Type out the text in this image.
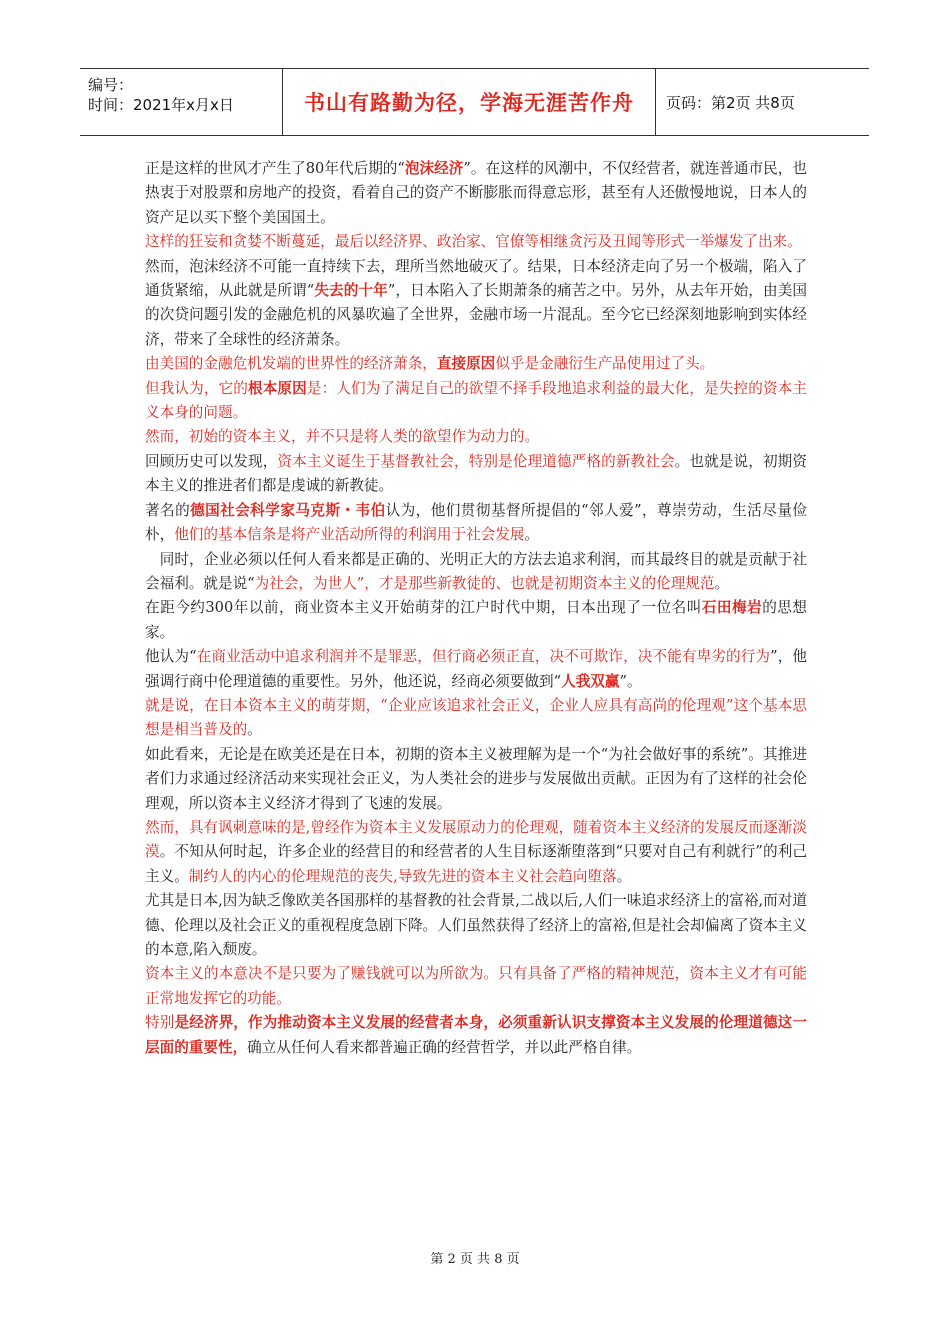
编号：
时间：2021年x月x日	书山有路勤为径，学海无涯苦作舟	页码：第2页 共8页

正是这样的世风才产生了80年代后期的“泡沫经济”。在这样的风潮中，不仅经营者，就连普通市民，也热衷于对股票和房地产的投资，看着自己的资产不断膨胀而得意忘形，甚至有人还傲慢地说，日本人的资产足以买下整个美国国土。

这样的狂妄和贪婪不断蔓延，最后以经济界、政治家、官僚等相继贪污及丑闻等形式一举爆发了出来。

然而，泡沫经济不可能一直持续下去，理所当然地破灭了。结果，日本经济走向了另一个极端，陷入了通货紧缩，从此就是所谓“失去的十年”，日本陷入了长期萧条的痛苦之中。另外，从去年开始，由美国的次贷问题引发的金融危机的风暴吹遍了全世界，金融市场一片混乱。至今它已经深刻地影响到实体经济，带来了全球性的经济萧条。

由美国的金融危机发端的世界性的经济萧条，直接原因似乎是金融衍生产品使用过了头。

但我认为，它的根本原因是：人们为了满足自己的欲望不择手段地追求利益的最大化，是失控的资本主义本身的问题。

然而，初始的资本主义，并不只是将人类的欲望作为动力的。

回顾历史可以发现，资本主义诞生于基督教社会，特别是伦理道德严格的新教社会。也就是说，初期资本主义的推进者们都是虔诚的新教徒。

著名的德国社会科学家马克斯・韦伯认为，他们贯彻基督所提倡的“邻人爱”，尊崇劳动，生活尽量俭朴，他们的基本信条是将产业活动所得的利润用于社会发展。

　同时，企业必须以任何人看来都是正确的、光明正大的方法去追求利润，而其最终目的就是贡献于社会福利。就是说“为社会，为世人”，才是那些新教徒的、也就是初期资本主义的伦理规范。

在距今约300年以前，商业资本主义开始萌芽的江户时代中期，日本出现了一位名叫石田梅岩的思想家。

他认为“在商业活动中追求利润并不是罪恶，但行商必须正直，决不可欺诈，决不能有卑劣的行为”，他强调行商中伦理道德的重要性。另外，他还说，经商必须要做到“人我双赢”。

就是说，在日本资本主义的萌芽期，“企业应该追求社会正义，企业人应具有高尚的伦理观”这个基本思想是相当普及的。

如此看来，无论是在欧美还是在日本，初期的资本主义被理解为是一个“为社会做好事的系统”。其推进者们力求通过经济活动来实现社会正义，为人类社会的进步与发展做出贡献。正因为有了这样的社会伦理观，所以资本主义经济才得到了飞速的发展。

然而，具有讽刺意味的是,曾经作为资本主义发展原动力的伦理观，随着资本主义经济的发展反而逐渐淡漠。不知从何时起，许多企业的经营目的和经营者的人生目标逐渐堕落到“只要对自己有利就行”的利己主义。制约人的内心的伦理规范的丧失,导致先进的资本主义社会趋向堕落。

尤其是日本,因为缺乏像欧美各国那样的基督教的社会背景,二战以后,人们一味追求经济上的富裕,而对道德、伦理以及社会正义的重视程度急剧下降。人们虽然获得了经济上的富裕,但是社会却偏离了资本主义的本意,陷入颓废。

资本主义的本意决不是只要为了赚钱就可以为所欲为。只有具备了严格的精神规范，资本主义才有可能正常地发挥它的功能。

特别是经济界，作为推动资本主义发展的经营者本身，必须重新认识支撑资本主义发展的伦理道德这一层面的重要性，确立从任何人看来都普遍正确的经营哲学，并以此严格自律。

第 2 页 共 8 页
